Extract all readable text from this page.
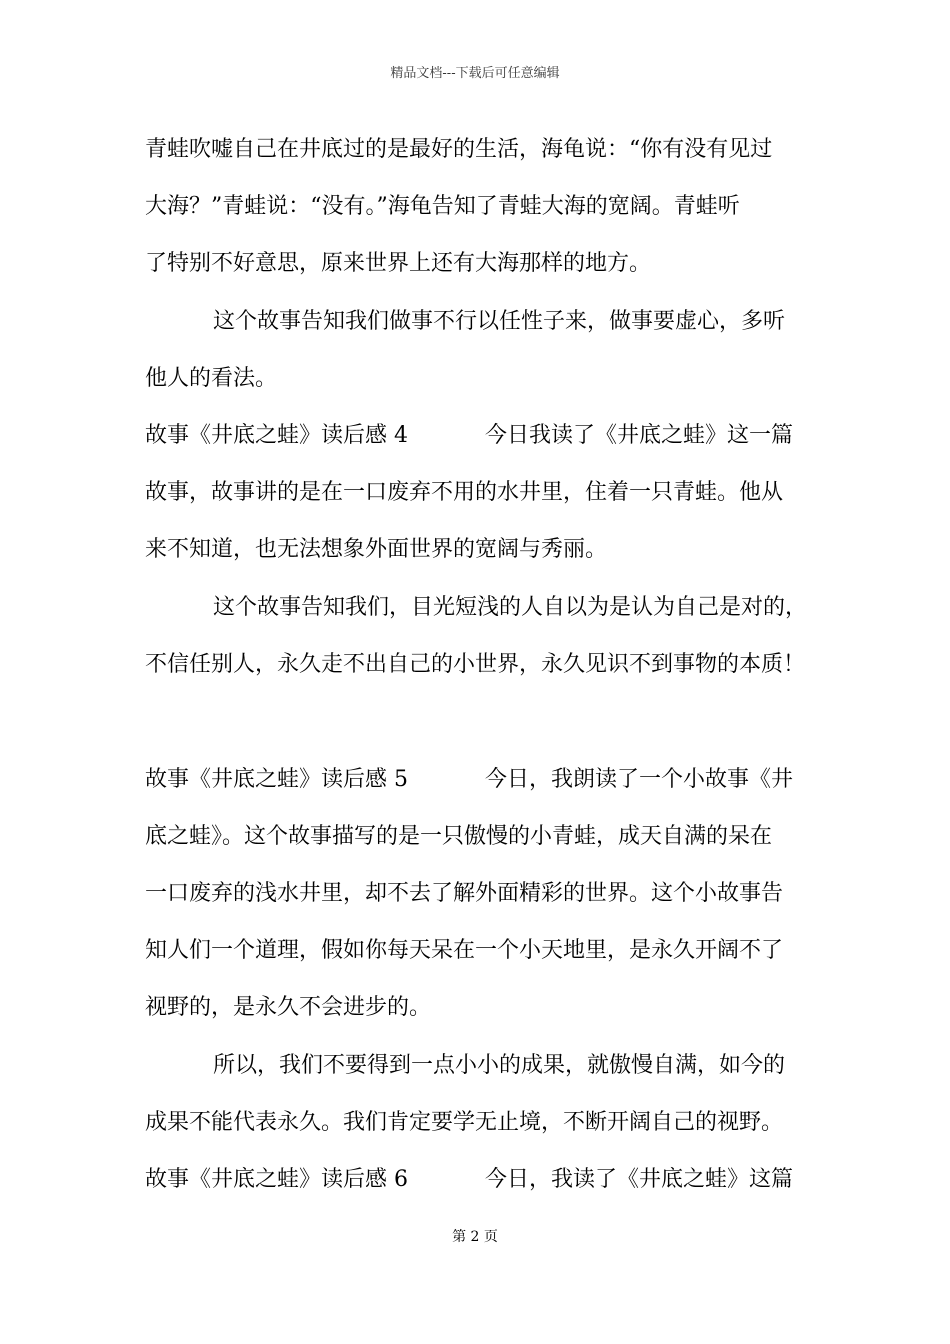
精品文档---下载后可任意编辑
青蛙吹嘘自己在井底过的是最好的生活，海龟说：“你有没有见过
大海？”青蛙说：“没有。”海龟告知了青蛙大海的宽阔。青蛙听
了特别不好意思，原来世界上还有大海那样的地方。
这个故事告知我们做事不行以任性子来，做事要虚心，多听
他人的看法。
故事《井底之蛙》读后感 4	今日我读了《井底之蛙》这一篇
故事，故事讲的是在一口废弃不用的水井里，住着一只青蛙。他从
来不知道，也无法想象外面世界的宽阔与秀丽。
这个故事告知我们，目光短浅的人自以为是认为自己是对的，
不信任别人，永久走不出自己的小世界，永久见识不到事物的本质！
故事《井底之蛙》读后感 5	今日，我朗读了一个小故事《井
底之蛙》。这个故事描写的是一只傲慢的小青蛙，成天自满的呆在
一口废弃的浅水井里，却不去了解外面精彩的世界。这个小故事告
知人们一个道理，假如你每天呆在一个小天地里，是永久开阔不了
视野的，是永久不会进步的。
所以，我们不要得到一点小小的成果，就傲慢自满，如今的
成果不能代表永久。我们肯定要学无止境，不断开阔自己的视野。
故事《井底之蛙》读后感 6	今日，我读了《井底之蛙》这篇
第 2 页
